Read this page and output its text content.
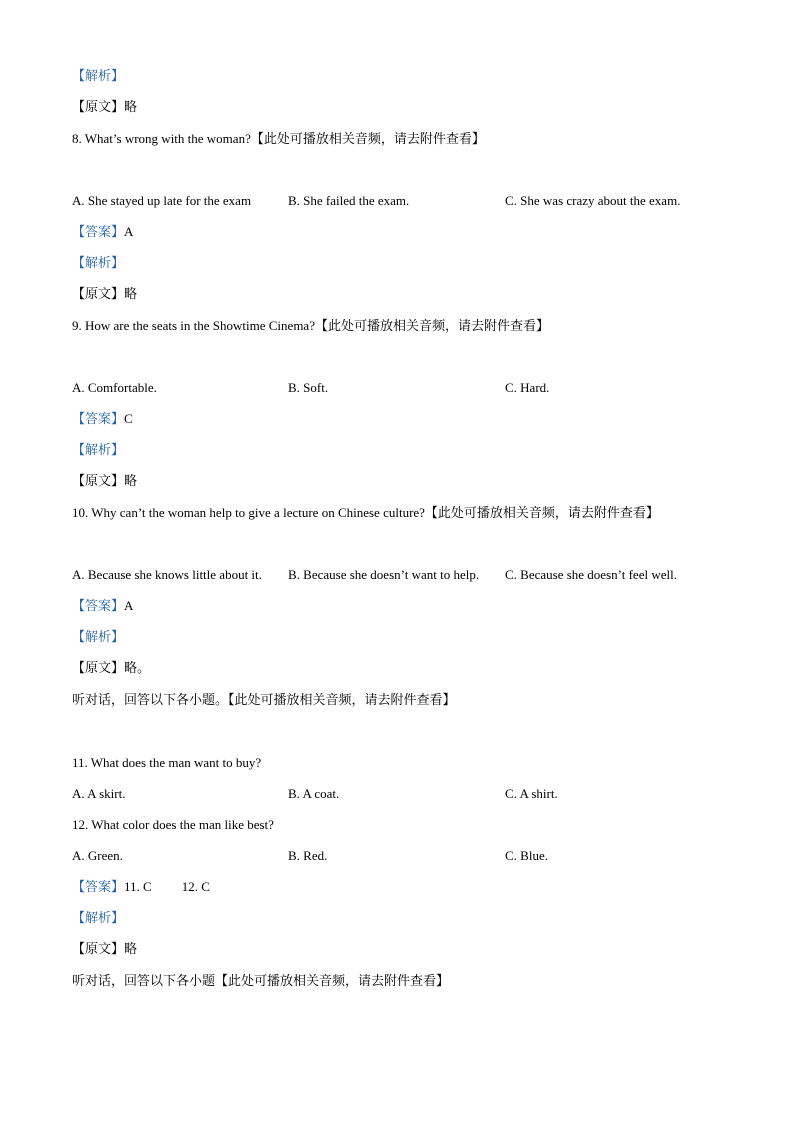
【解析】
【原文】略
8. What’s wrong with the woman?【此处可播放相关音频，请去附件查看】
A. She stayed up late for the exam	B. She failed the exam.	C. She was crazy about the exam.
【答案】A
【解析】
【原文】略
9. How are the seats in the Showtime Cinema?【此处可播放相关音频，请去附件查看】
A. Comfortable.	B. Soft.	C. Hard.
【答案】C
【解析】
【原文】略
10. Why can’t the woman help to give a lecture on Chinese culture?【此处可播放相关音频，请去附件查看】
A. Because she knows little about it. B. Because she doesn’t want to help. C. Because she doesn’t feel well.
【答案】A
【解析】
【原文】略。
听对话，回答以下各小题。【此处可播放相关音频，请去附件查看】
11. What does the man want to buy?
A. A skirt.	B. A coat.	C. A shirt.
12. What color does the man like best?
A. Green.	B. Red.	C. Blue.
【答案】11. C 12. C
【解析】
【原文】略
听对话，回答以下各小题【此处可播放相关音频，请去附件查看】
